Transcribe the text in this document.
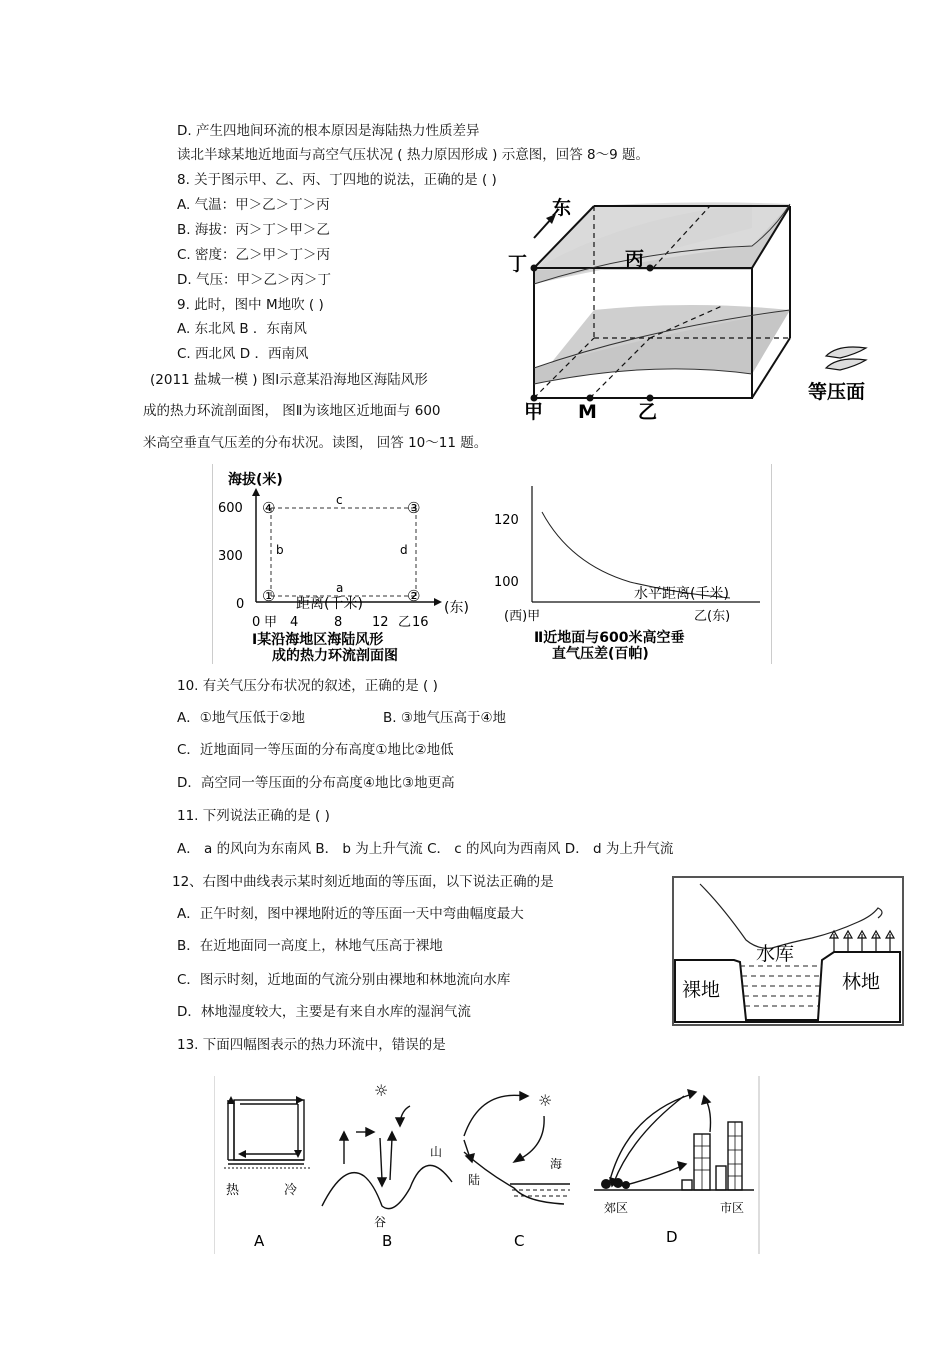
D. 产生四地间环流的根本原因是海陆热力性质差异
读北半球某地近地面与高空气压状况 ( 热力原因形成 ) 示意图，回答 8～9 题。
8. 关于图示甲、乙、丙、丁四地的说法，正确的是 ( )
A. 气温：甲＞乙＞丁＞丙
B. 海拔：丙＞丁＞甲＞乙
C. 密度：乙＞甲＞丁＞丙
D. 气压：甲＞乙＞丙＞丁
9. 此时，图中 M地吹 ( )
A. 东北风 B ．东南风
C. 西北风 D ．西南风
(2011 盐城一模 ) 图Ⅰ示意某沿海地区海陆风形
成的热力环流剖面图， 图Ⅱ为该地区近地面与 600
米高空垂直气压差的分布状况。读图， 回答 10～11 题。
10. 有关气压分布状况的叙述，正确的是 ( )
A．①地气压低于②地	B. ③地气压高于④地
C．近地面同一等压面的分布高度①地比②地低
D．高空同一等压面的分布高度④地比③地更高
11. 下列说法正确的是 ( )
A． a 的风向为东南风 B． b 为上升气流 C． c 的风向为西南风 D． d 为上升气流
12、右图中曲线表示某时刻近地面的等压面，以下说法正确的是
A．正午时刻，图中裸地附近的等压面一天中弯曲幅度最大
B．在近地面同一高度上，林地气压高于裸地
C．图示时刻，近地面的气流分别由裸地和林地流向水库
D．林地湿度较大，主要是有来自水库的湿润气流
13. 下面四幅图表示的热力环流中，错误的是
东
丁	丙
甲 M 乙
等压面
海拔(米)
600
300
0
④	③
①	②
c
b	d
a
距离(千米)	(东)
0 甲 4	8 12 乙 16
Ⅰ某沿海地区海陆风形
成的热力环流剖面图
120
100
水平距离(千米)
(西)甲	乙(东)
Ⅱ近地面与600米高空垂
直气压差(百帕)
水库
裸地	林地
热	冷
A
☼
山
谷
B
☼
陆
海
C
郊区	市区
D
